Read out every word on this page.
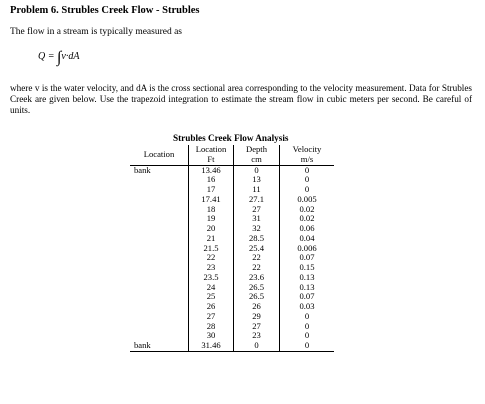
Problem 6. Strubles Creek Flow - Strubles
The flow in a stream is typically measured as
Q = ∫v·dA
where v is the water velocity, and dA is the cross sectional area corresponding to the velocity measurement. Data for Strubles Creek are given below. Use the trapezoid integration to estimate the stream flow in cubic meters per second. Be careful of units.
Strubles Creek Flow Analysis
Location	Location	Depth	Velocity
	Ft	cm	m/s
bank	13.46	0	0
	16	13	0
	17	11	0
	17.41	27.1	0.005
	18	27	0.02
	19	31	0.02
	20	32	0.06
	21	28.5	0.04
	21.5	25.4	0.006
	22	22	0.07
	23	22	0.15
	23.5	23.6	0.13
	24	26.5	0.13
	25	26.5	0.07
	26	26	0.03
	27	29	0
	28	27	0
	30	23	0
bank	31.46	0	0
